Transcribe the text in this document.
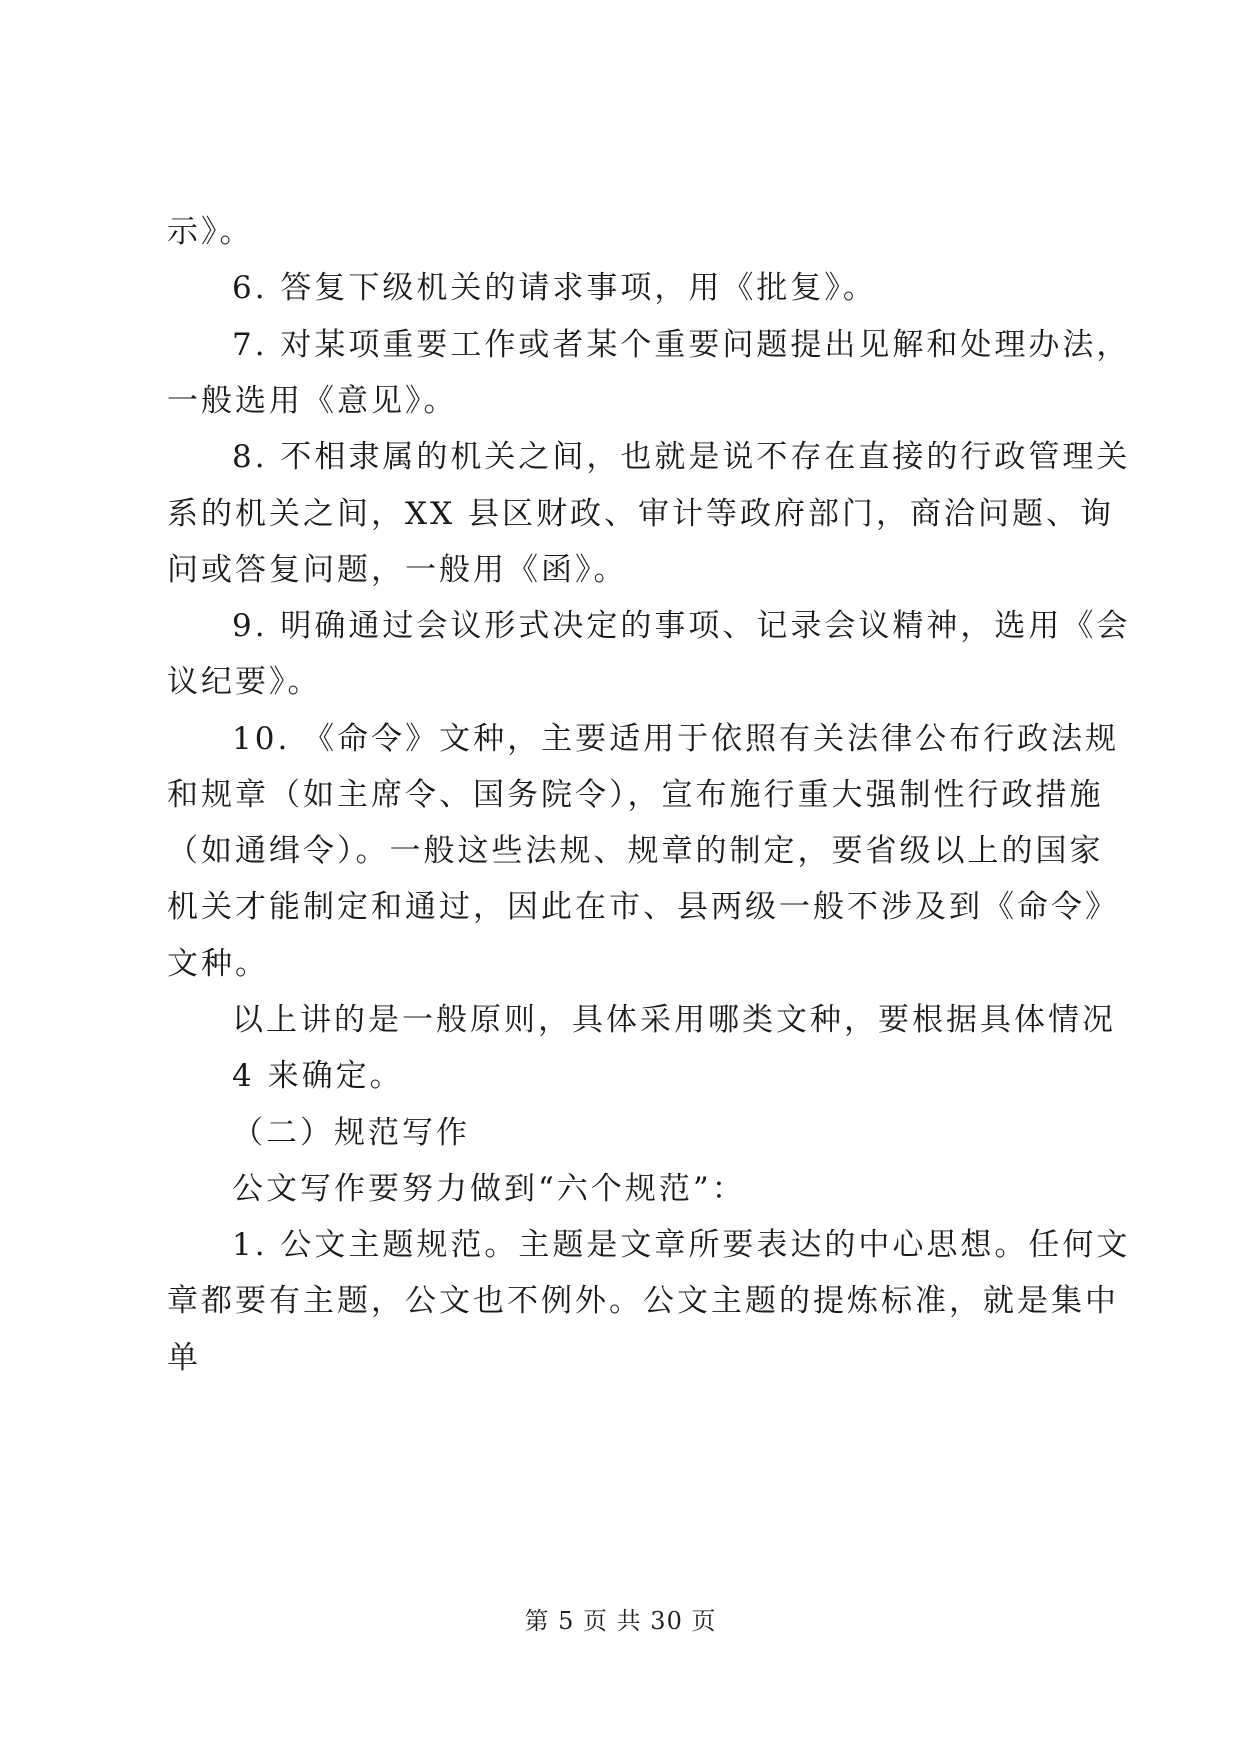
示》。
6. 答复下级机关的请求事项，用《批复》。
7. 对某项重要工作或者某个重要问题提出见解和处理办法，
一般选用《意见》。
8. 不相隶属的机关之间，也就是说不存在直接的行政管理关
系的机关之间，XX 县区财政、审计等政府部门，商洽问题、询
问或答复问题，一般用《函》。
9. 明确通过会议形式决定的事项、记录会议精神，选用《会
议纪要》。
10. 《命令》文种，主要适用于依照有关法律公布行政法规
和规章（如主席令、国务院令），宣布施行重大强制性行政措施
（如通缉令）。一般这些法规、规章的制定，要省级以上的国家
机关才能制定和通过，因此在市、县两级一般不涉及到《命令》
文种。
以上讲的是一般原则，具体采用哪类文种，要根据具体情况
4 来确定。
（二）规范写作
公文写作要努力做到“六个规范”：
1. 公文主题规范。主题是文章所要表达的中心思想。任何文
章都要有主题，公文也不例外。公文主题的提炼标准，就是集中
单
第 5 页 共 30 页
